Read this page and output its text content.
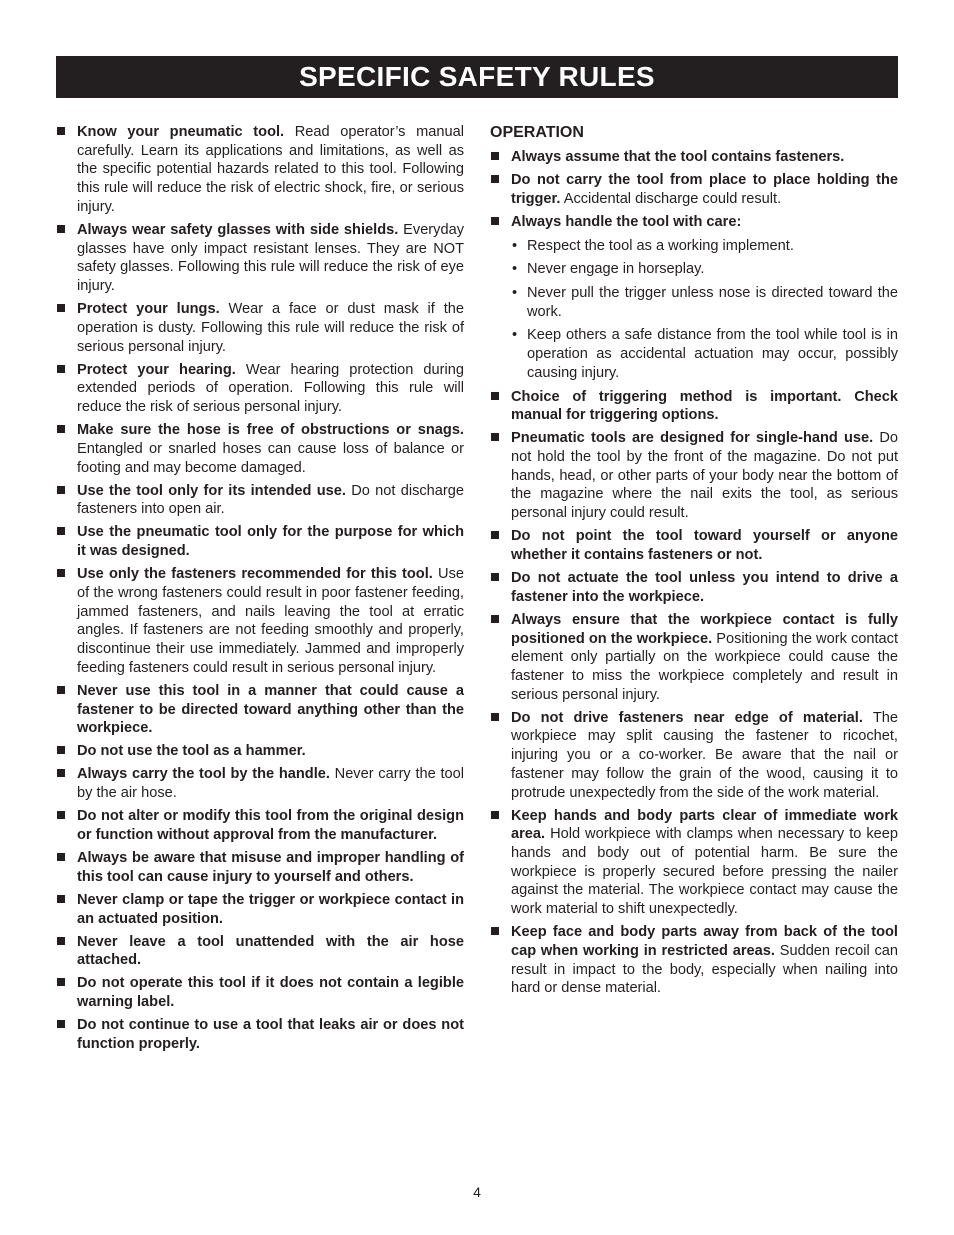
SPECIFIC SAFETY RULES
Know your pneumatic tool. Read operator’s manual carefully. Learn its applications and limitations, as well as the specific potential hazards related to this tool. Following this rule will reduce the risk of electric shock, fire, or serious injury.
Always wear safety glasses with side shields. Everyday glasses have only impact resistant lenses. They are NOT safety glasses. Following this rule will reduce the risk of eye injury.
Protect your lungs. Wear a face or dust mask if the operation is dusty. Following this rule will reduce the risk of serious personal injury.
Protect your hearing. Wear hearing protection during extended periods of operation. Following this rule will reduce the risk of serious personal injury.
Make sure the hose is free of obstructions or snags. Entangled or snarled hoses can cause loss of balance or footing and may become damaged.
Use the tool only for its intended use. Do not discharge fasteners into open air.
Use the pneumatic tool only for the purpose for which it was designed.
Use only the fasteners recommended for this tool. Use of the wrong fasteners could result in poor fastener feeding, jammed fasteners, and nails leaving the tool at erratic angles. If fasteners are not feeding smoothly and properly, discontinue their use immediately. Jammed and improperly feeding fasteners could result in serious personal injury.
Never use this tool in a manner that could cause a fastener to be directed toward anything other than the workpiece.
Do not use the tool as a hammer.
Always carry the tool by the handle. Never carry the tool by the air hose.
Do not alter or modify this tool from the original design or function without approval from the manufacturer.
Always be aware that misuse and improper handling of this tool can cause injury to yourself and others.
Never clamp or tape the trigger or workpiece contact in an actuated position.
Never leave a tool unattended with the air hose attached.
Do not operate this tool if it does not contain a legible warning label.
Do not continue to use a tool that leaks air or does not function properly.
OPERATION
Always assume that the tool contains fasteners.
Do not carry the tool from place to place holding the trigger. Accidental discharge could result.
Always handle the tool with care:
• Respect the tool as a working implement.
• Never engage in horseplay.
• Never pull the trigger unless nose is directed toward the work.
• Keep others a safe distance from the tool while tool is in operation as accidental actuation may occur, possibly causing injury.
Choice of triggering method is important. Check manual for triggering options.
Pneumatic tools are designed for single-hand use. Do not hold the tool by the front of the magazine. Do not put hands, head, or other parts of your body near the bottom of the magazine where the nail exits the tool, as serious personal injury could result.
Do not point the tool toward yourself or anyone whether it contains fasteners or not.
Do not actuate the tool unless you intend to drive a fastener into the workpiece.
Always ensure that the workpiece contact is fully positioned on the workpiece. Positioning the work contact element only partially on the workpiece could cause the fastener to miss the workpiece completely and result in serious personal injury.
Do not drive fasteners near edge of material. The workpiece may split causing the fastener to ricochet, injuring you or a co-worker. Be aware that the nail or fastener may follow the grain of the wood, causing it to protrude unexpectedly from the side of the work material.
Keep hands and body parts clear of immediate work area. Hold workpiece with clamps when necessary to keep hands and body out of potential harm. Be sure the workpiece is properly secured before pressing the nailer against the material. The workpiece contact may cause the work material to shift unexpectedly.
Keep face and body parts away from back of the tool cap when working in restricted areas. Sudden recoil can result in impact to the body, especially when nailing into hard or dense material.
4
